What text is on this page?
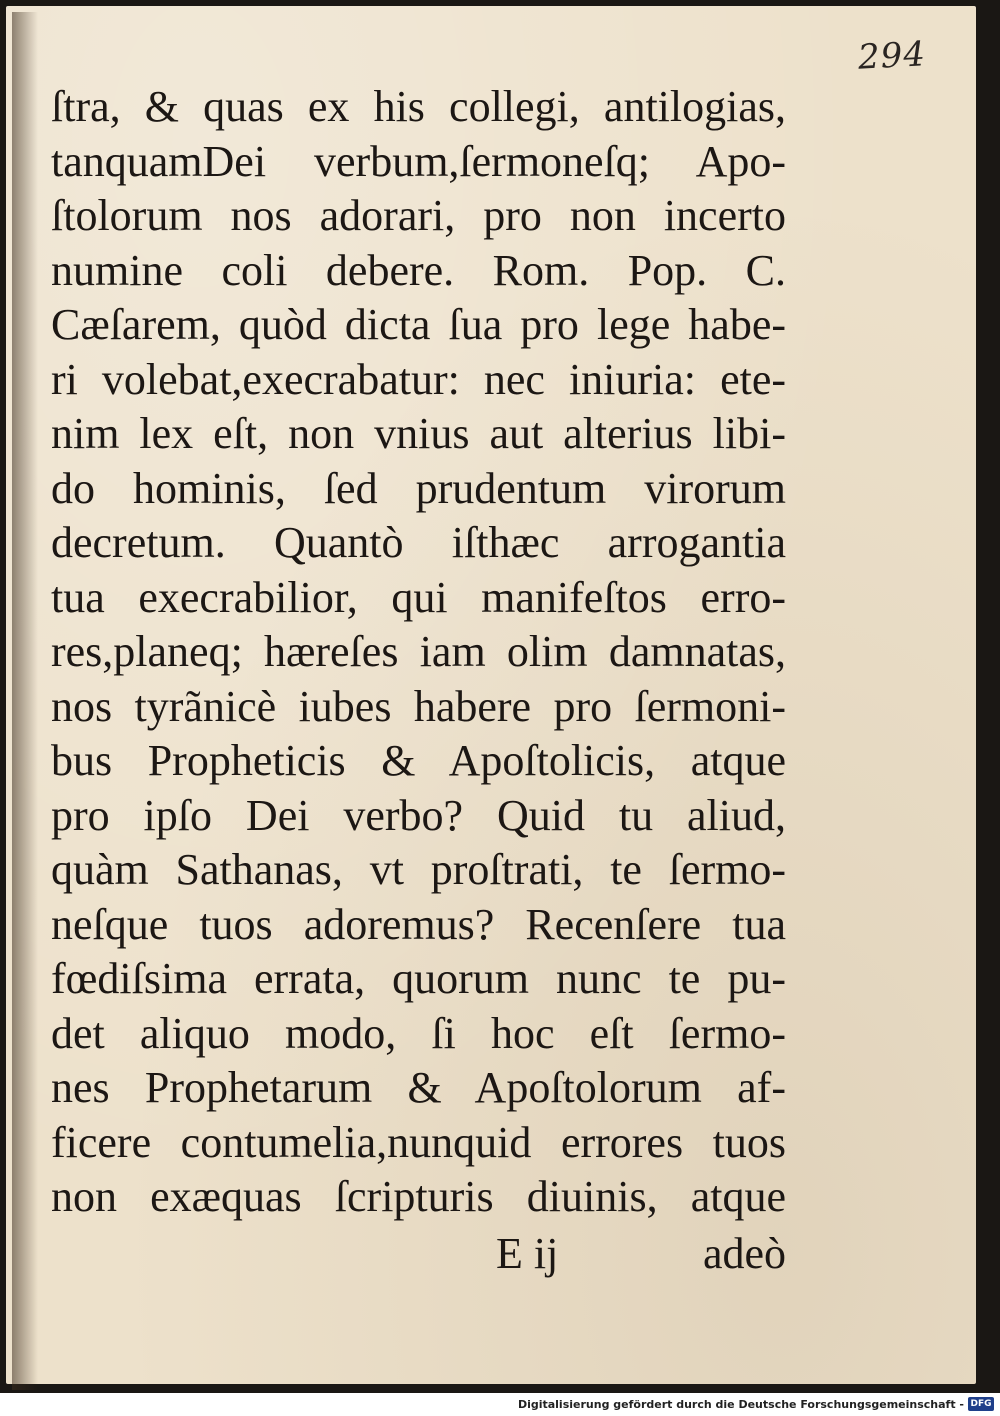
294
ſtra, & quas ex his collegi, antilogias,
tanquamDei verbum,ſermoneſq; Apo-
ſtolorum nos adorari, pro non incerto
numine coli debere. Rom. Pop. C.
Cæſarem, quòd dicta ſua pro lege habe-
ri volebat,execrabatur: nec iniuria: ete-
nim lex eſt, non vnius aut alterius libi-
do hominis, ſed prudentum virorum
decretum. Quantò iſthæc arrogantia
tua execrabilior, qui manifeſtos erro-
res,planeq; hæreſes iam olim damnatas,
nos tyrãnicè iubes habere pro ſermoni-
bus Propheticis & Apoſtolicis, atque
pro ipſo Dei verbo? Quid tu aliud,
quàm Sathanas, vt proſtrati, te ſermo-
neſque tuos adoremus? Recenſere tua
fœdiſsima errata, quorum nunc te pu-
det aliquo modo, ſi hoc eſt ſermo-
nes Prophetarum & Apoſtolorum af-
ficere contumelia,nunquid errores tuos
non exæquas ſcripturis diuinis, atque
E ij	adeò
Digitalisierung gefördert durch die Deutsche Forschungsgemeinschaft - DFG
